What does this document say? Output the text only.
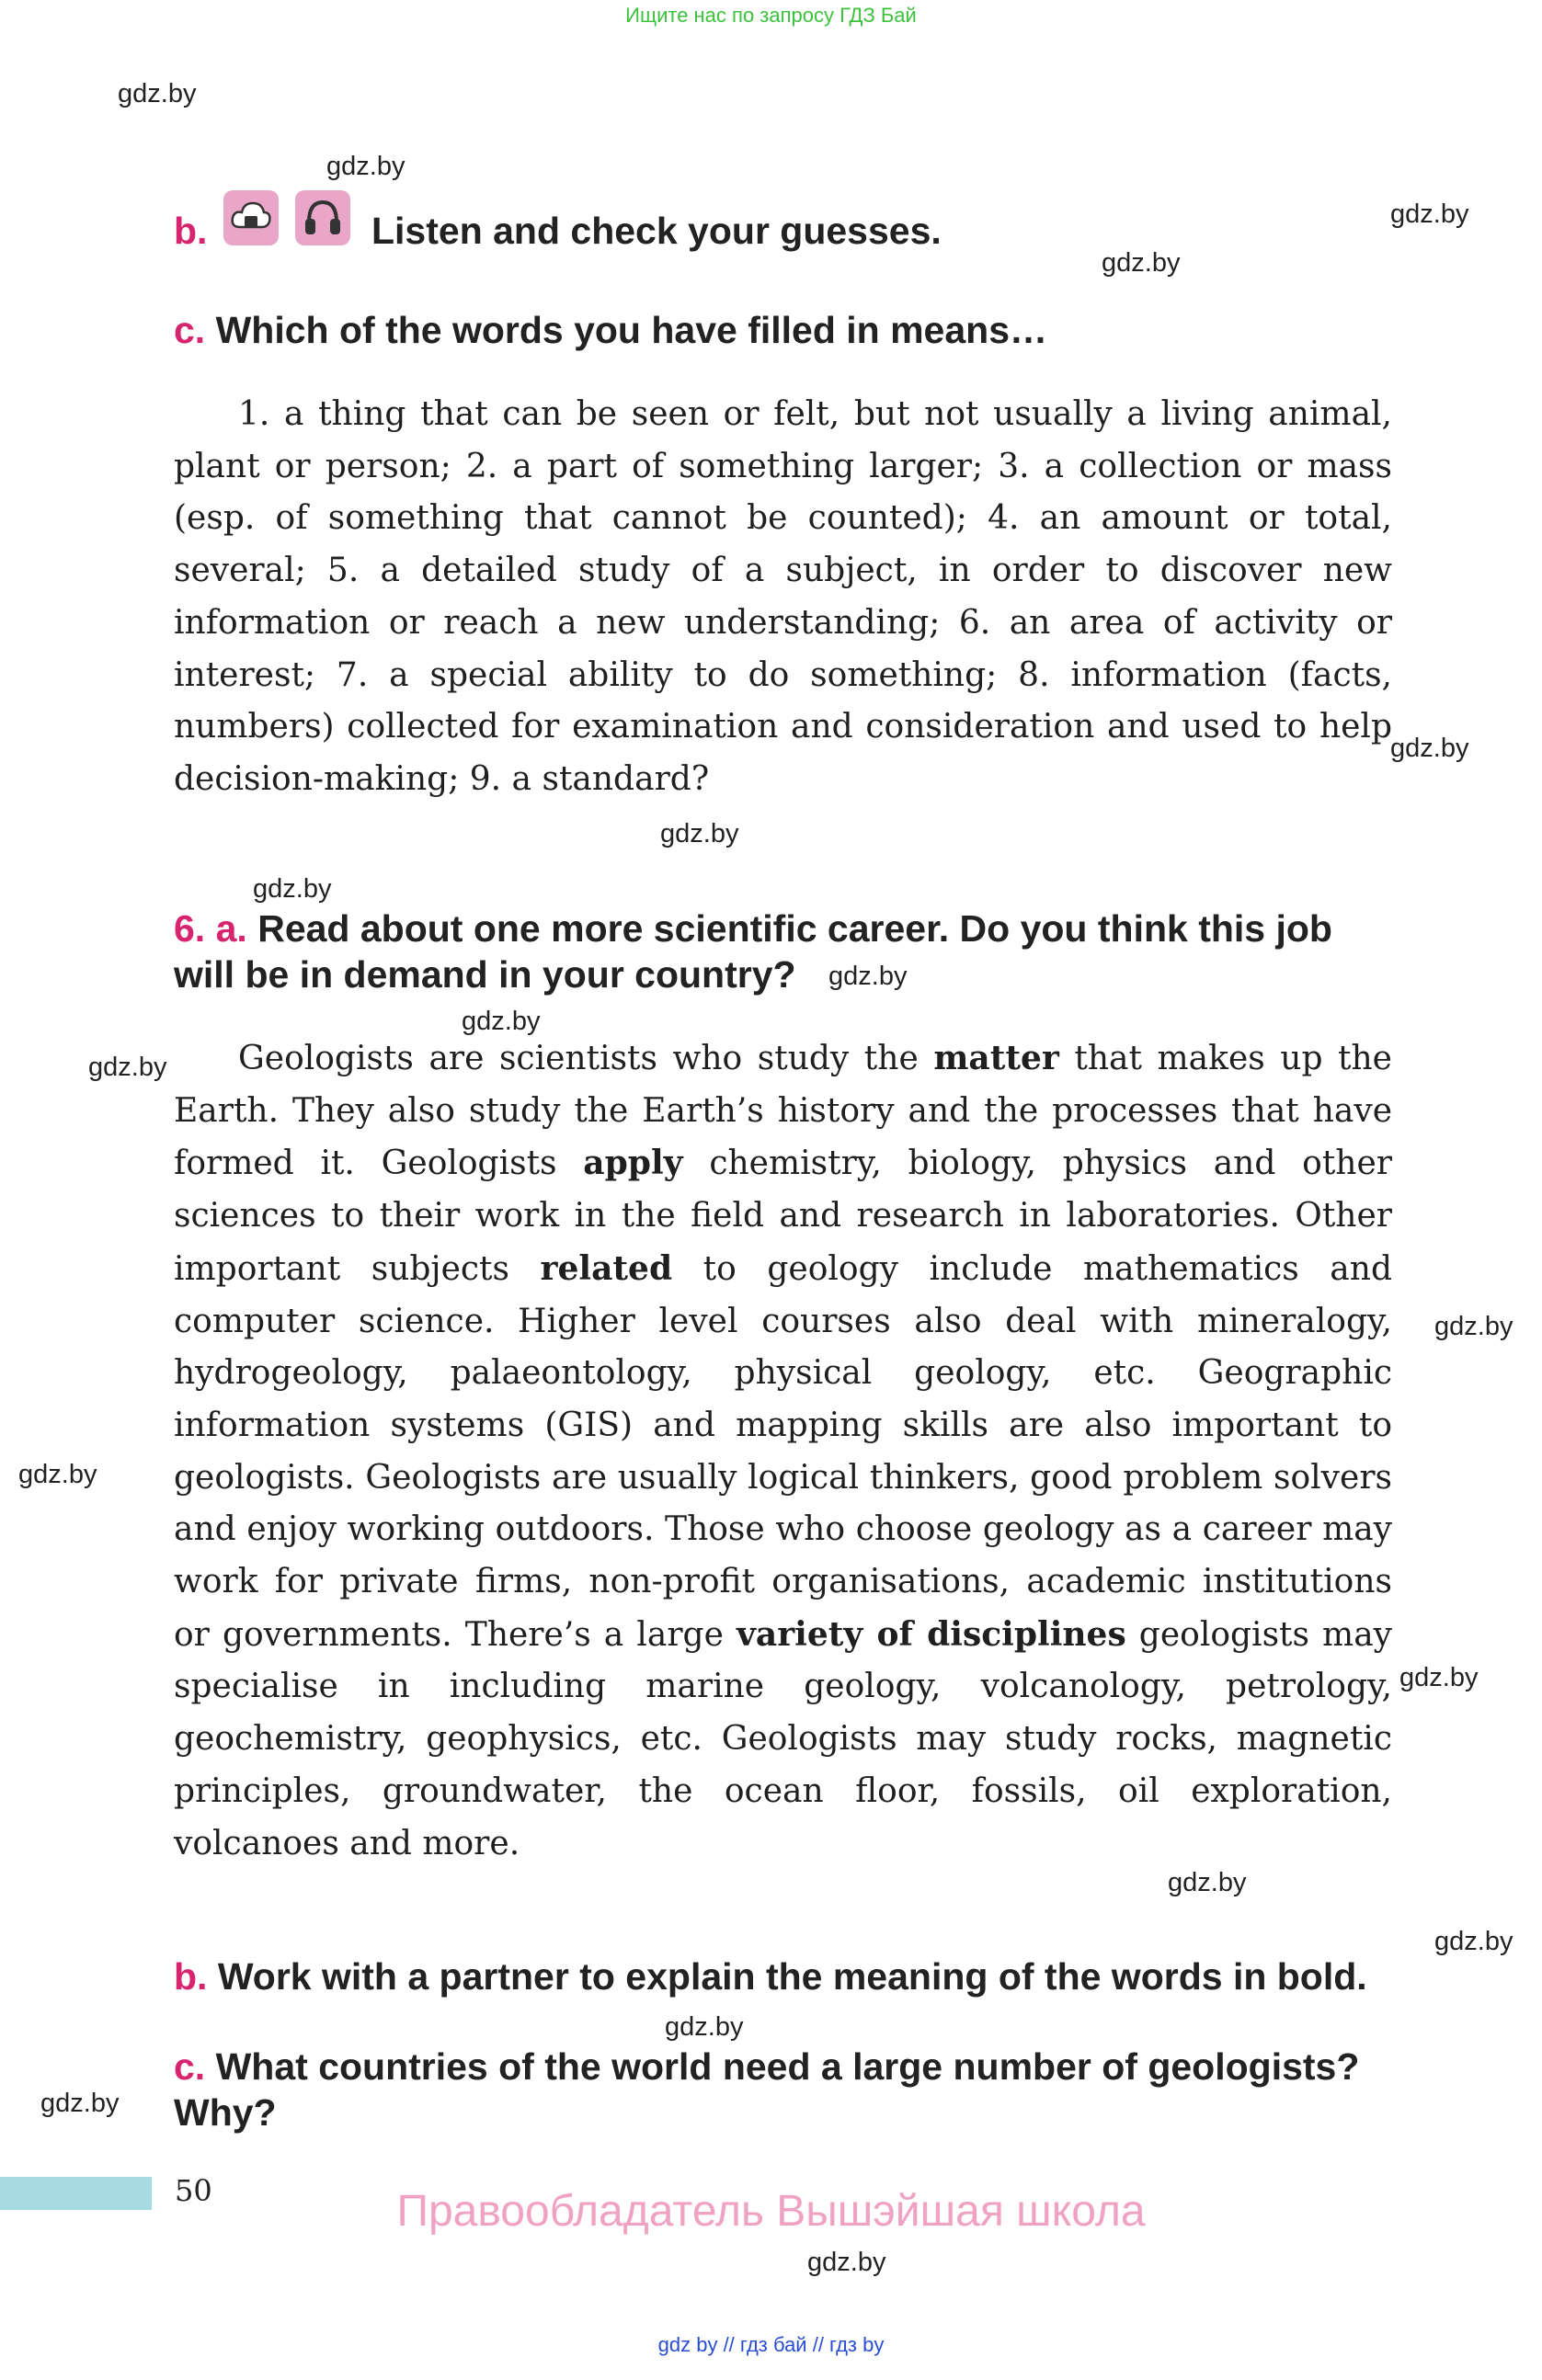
Ищите нас по запросу ГДЗ Бай
gdz.by
gdz.by
gdz.by
gdz.by
gdz.by
gdz.by
gdz.by
gdz.by
gdz.by
gdz.by
gdz.by
gdz.by
gdz.by
gdz.by
gdz.by
gdz.by
gdz.by
gdz.by
b.	Listen and check your guesses.
c. Which of the words you have filled in means…
1. a thing that can be seen or felt, but not usually a living animal, plant or person; 2. a part of something larger; 3. a collection or mass (esp. of something that cannot be counted); 4. an amount or total, several; 5. a detailed study of a subject, in order to discover new information or reach a new understanding; 6. an area of activity or interest; 7. a special ability to do something; 8. information (facts, numbers) collected for examination and consideration and used to help decision-making; 9. a standard?
6. a. Read about one more scientific career. Do you think this job will be in demand in your country?
Geologists are scientists who study the matter that makes up the Earth. They also study the Earth’s history and the processes that have formed it. Geologists apply chemistry, biology, physics and other sciences to their work in the field and research in laboratories. Other important subjects related to geology include mathematics and computer science. Higher level courses also deal with mineralogy, hydrogeology, palaeontology, physical geology, etc. Geographic information systems (GIS) and mapping skills are also important to geologists. Geologists are usually logical thinkers, good problem solvers and enjoy working outdoors. Those who choose geology as a career may work for private firms, non-profit organisations, academic institutions or governments. There’s a large variety of disciplines geologists may specialise in including marine geology, volcanology, petrology, geochemistry, geophysics, etc. Geologists may study rocks, magnetic principles, groundwater, the ocean floor, fossils, oil exploration, volcanoes and more.
b. Work with a partner to explain the meaning of the words in bold.
c. What countries of the world need a large number of geologists? Why?
50	Правообладатель Вышэйшая школа
gdz by // гдз бай // гдз by
